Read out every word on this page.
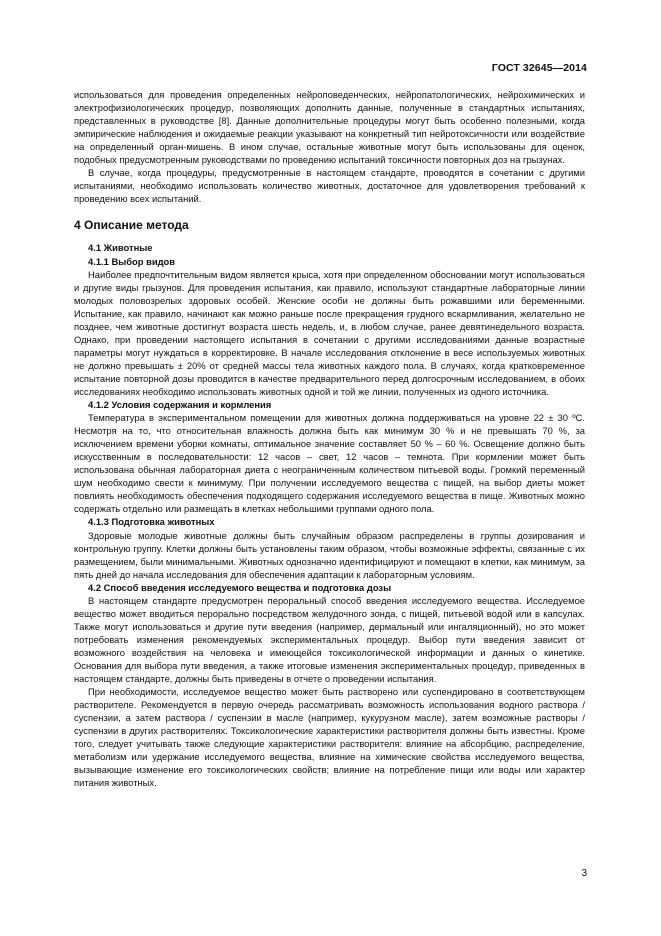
ГОСТ 32645—2014

использоваться для проведения определенных нейроповеденческих, нейропатологических, нейрохимических и электрофизиологических процедур, позволяющих дополнить данные, полученные в стандартных испытаниях, представленных в руководстве [8]. Данные дополнительные процедуры могут быть особенно полезными, когда эмпирические наблюдения и ожидаемые реакции указывают на конкретный тип нейротоксичности или воздействие на определенный орган-мишень. В ином случае, остальные животные могут быть использованы для оценок, подобных предусмотренным руководствами по проведению испытаний токсичности повторных доз на грызунах.

В случае, когда процедуры, предусмотренные в настоящем стандарте, проводятся в сочетании с другими испытаниями, необходимо использовать количество животных, достаточное для удовлетворения требований к проведению всех испытаний.

4 Описание метода
4.1 Животные
4.1.1 Выбор видов

Наиболее предпочтительным видом является крыса, хотя при определенном обосновании могут использоваться и другие виды грызунов. Для проведения испытания, как правило, используют стандартные лабораторные линии молодых половозрелых здоровых особей. Женские особи не должны быть рожавшими или беременными. Испытание, как правило, начинают как можно раньше после прекращения грудного вскармливания, желательно не позднее, чем животные достигнут возраста шесть недель, и, в любом случае, ранее девятинедельного возраста. Однако, при проведении настоящего испытания в сочетании с другими исследованиями данные возрастные параметры могут нуждаться в корректировке. В начале исследования отклонение в весе используемых животных не должно превышать ± 20% от средней массы тела животных каждого пола. В случаях, когда кратковременное испытание повторной дозы проводится в качестве предварительного перед долгосрочным исследованием, в обоих исследованиях необходимо использовать животных одной и той же линии, полученных из одного источника.

4.1.2 Условия содержания и кормления

Температура в экспериментальном помещении для животных должна поддерживаться на уровне 22 ± 30 ºС. Несмотря на то, что относительная влажность должна быть как минимум 30 % и не превышать 70 %, за исключением времени уборки комнаты, оптимальное значение составляет 50 % – 60 %. Освещение должно быть искусственным в последовательности: 12 часов – свет, 12 часов – темнота. При кормлении может быть использована обычная лабораторная диета с неограниченным количеством питьевой воды. Громкий переменный шум необходимо свести к минимуму. При получении исследуемого вещества с пищей, на выбор диеты может повлиять необходимость обеспечения подходящего содержания исследуемого вещества в пище. Животных можно содержать отдельно или размещать в клетках небольшими группами одного пола.

4.1.3 Подготовка животных

Здоровые молодые животные должны быть случайным образом распределены в группы дозирования и контрольную группу. Клетки должны быть установлены таким образом, чтобы возможные эффекты, связанные с их размещением, были минимальными. Животных однозначно идентифицируют и помещают в клетки, как минимум, за пять дней до начала исследования для обеспечения адаптации к лабораторным условиям.

4.2 Способ введения исследуемого вещества и подготовка дозы

В настоящем стандарте предусмотрен пероральный способ введения исследуемого вещества. Исследуемое вещество может вводиться перорально посредством желудочного зонда, с пищей, питьевой водой или в капсулах. Также могут использоваться и другие пути введения (например, дермальный или ингаляционный), но это может потребовать изменения рекомендуемых экспериментальных процедур. Выбор пути введения зависит от возможного воздействия на человека и имеющейся токсикологической информации и данных о кинетике. Основания для выбора пути введения, а также итоговые изменения экспериментальных процедур, приведенных в настоящем стандарте, должны быть приведены в отчете о проведении испытания.

При необходимости, исследуемое вещество может быть растворено или суспендировано в соответствующем растворителе. Рекомендуется в первую очередь рассматривать возможность использования водного раствора / суспензии, а затем раствора / суспензии в масле (например, кукурузном масле), затем возможные растворы / суспензии в других растворителях. Токсикологические характеристики растворителя должны быть известны. Кроме того, следует учитывать также следующие характеристики растворителя: влияние на абсорбцию, распределение, метаболизм или удержание исследуемого вещества, влияние на химические свойства исследуемого вещества, вызывающие изменение его токсикологических свойств; влияние на потребление пищи или воды или характер питания животных.

3
